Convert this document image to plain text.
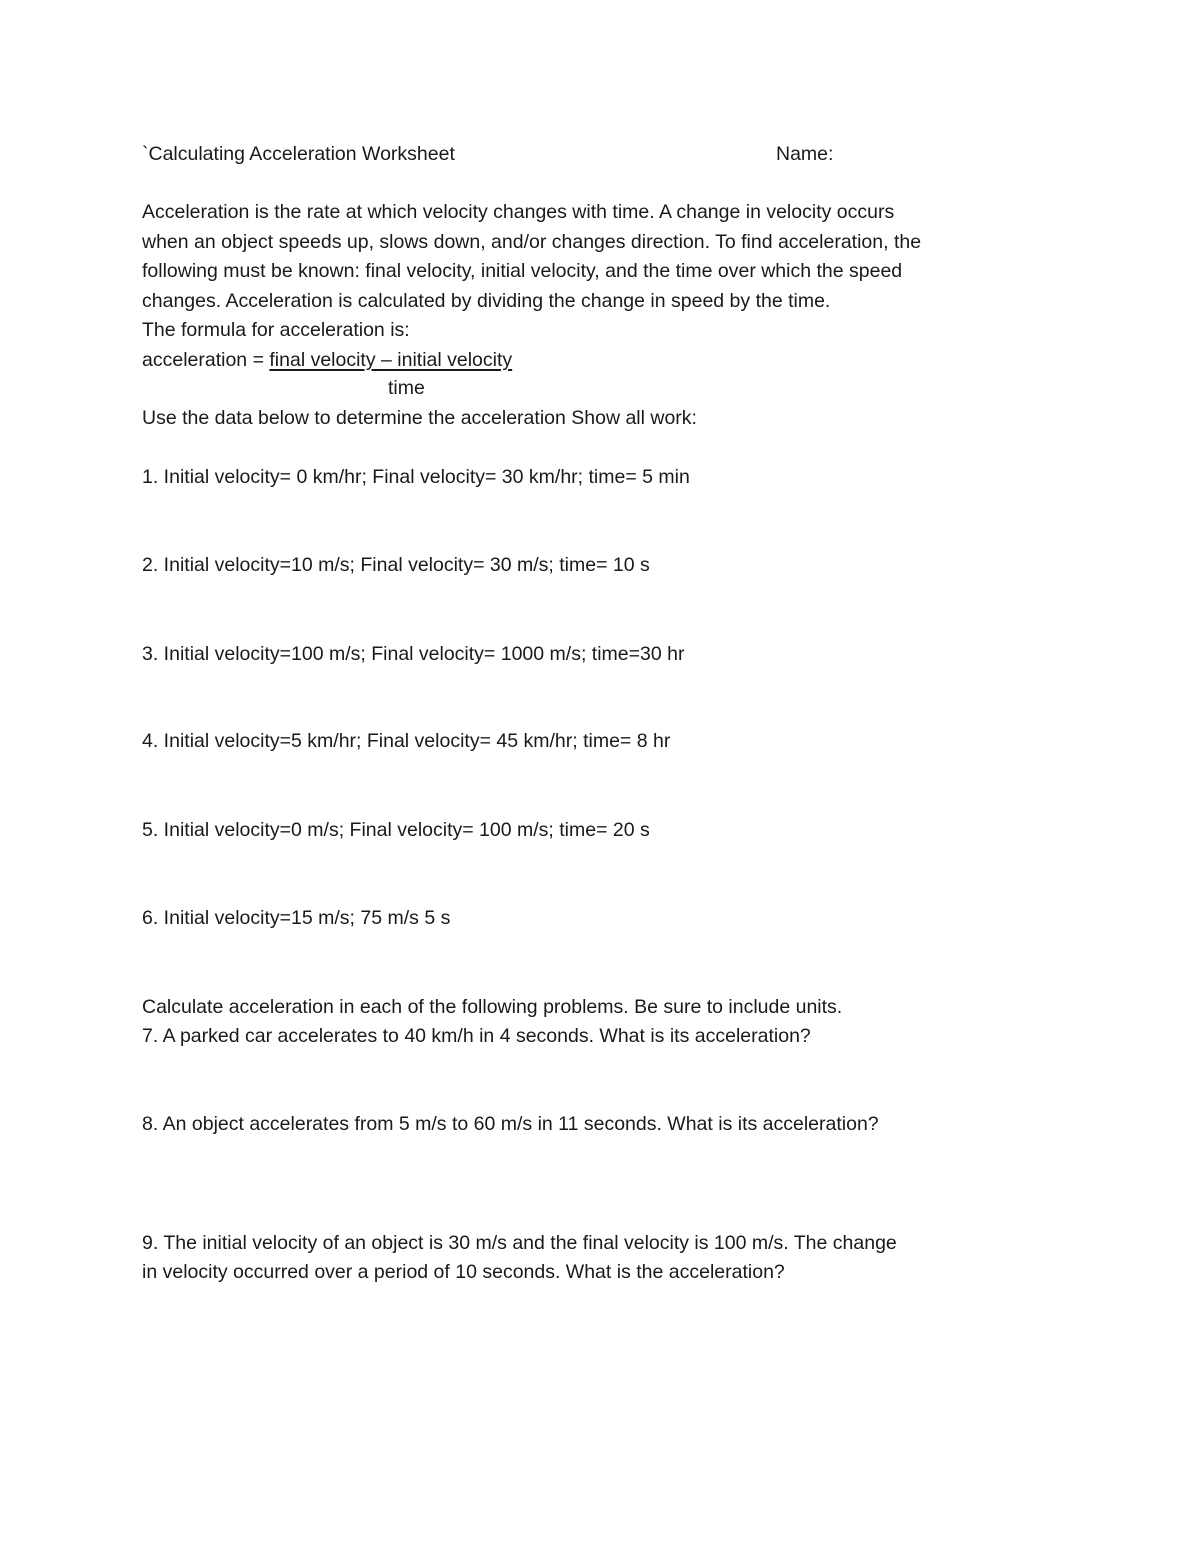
`Calculating Acceleration Worksheet	Name:
Acceleration is the rate at which velocity changes with time. A change in velocity occurs
when an object speeds up, slows down, and/or changes direction. To find acceleration, the
following must be known: final velocity, initial velocity, and the time over which the speed
changes. Acceleration is calculated by dividing the change in speed by the time.
The formula for acceleration is:
acceleration = final velocity – initial velocity
time
Use the data below to determine the acceleration Show all work:
1. Initial velocity= 0 km/hr; Final velocity= 30 km/hr; time= 5 min
2. Initial velocity=10 m/s; Final velocity= 30 m/s; time= 10 s
3. Initial velocity=100 m/s; Final velocity= 1000 m/s; time=30 hr
4. Initial velocity=5 km/hr; Final velocity= 45 km/hr; time= 8 hr
5. Initial velocity=0 m/s; Final velocity= 100 m/s; time= 20 s
6. Initial velocity=15 m/s; 75 m/s 5 s
Calculate acceleration in each of the following problems. Be sure to include units.
7. A parked car accelerates to 40 km/h in 4 seconds. What is its acceleration?
8. An object accelerates from 5 m/s to 60 m/s in 11 seconds. What is its acceleration?
9. The initial velocity of an object is 30 m/s and the final velocity is 100 m/s. The change
in velocity occurred over a period of 10 seconds. What is the acceleration?
